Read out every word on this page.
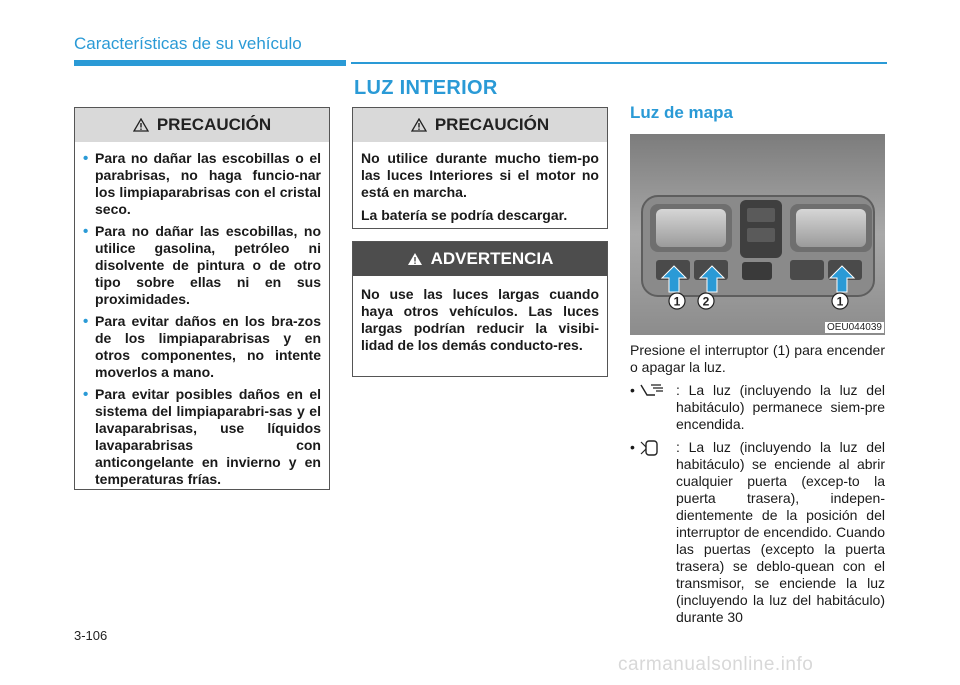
Características de su vehículo
LUZ INTERIOR
PRECAUCIÓN
• Para no dañar las escobillas o el parabrisas, no haga funcio-nar los limpiaparabrisas con el cristal seco.
• Para no dañar las escobillas, no utilice gasolina, petróleo ni disolvente de pintura o de otro tipo sobre ellas ni en sus proximidades.
• Para evitar daños en los bra-zos de los limpiaparabrisas y en otros componentes, no intente moverlos a mano.
• Para evitar posibles daños en el sistema del limpiaparabri-sas y el lavaparabrisas, use líquidos lavaparabrisas con anticongelante en invierno y en temperaturas frías.
PRECAUCIÓN

No utilice durante mucho tiem-po las luces Interiores si el motor no está en marcha.

La batería se podría descargar.

ADVERTENCIA

No use las luces largas cuando haya otros vehículos. Las luces largas podrían reducir la visibi-lidad de los demás conducto-res.

Luz de mapa
1 2	1
OEU044039

Presione el interruptor (1) para encender o apagar la luz.

•	: La luz (incluyendo la luz del habitáculo) permanece siem-pre encendida.
•	: La luz (incluyendo la luz del habitáculo) se enciende al abrir cualquier puerta (excep-to la puerta trasera), indepen-dientemente de la posición del interruptor de encendido. Cuando las puertas (excepto la puerta trasera) se deblo-quean con el transmisor, se enciende la luz (incluyendo la luz del habitáculo) durante 30
3-106
carmanualsonline.info
